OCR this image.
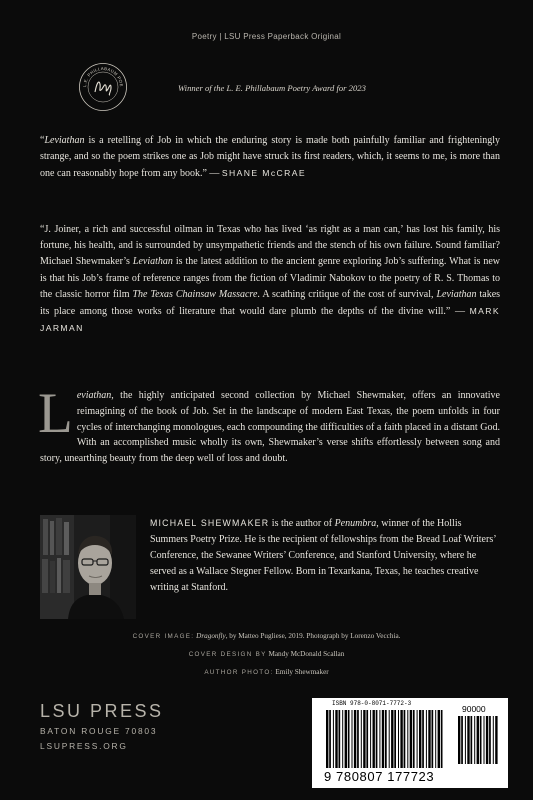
Poetry | LSU Press Paperback Original
L.E. PHILLABAUM POE	Winner of the L. E. Phillabaum Poetry Award for 2023
“Leviathan is a retelling of Job in which the enduring story is made both painfully familiar and frighteningly strange, and so the poem strikes one as Job might have struck its first readers, which, it seems to me, is more than one can reasonably hope from any book.” — SHANE McCRAE
“J. Joiner, a rich and successful oilman in Texas who has lived ‘as right as a man can,’ has lost his family, his fortune, his health, and is surrounded by unsympathetic friends and the stench of his own failure. Sound familiar? Michael Shewmaker’s Leviathan is the latest addition to the ancient genre exploring Job’s suffering. What is new is that his Job’s frame of reference ranges from the fiction of Vladimir Nabokov to the poetry of R. S. Thomas to the classic horror film The Texas Chainsaw Massacre. A scathing critique of the cost of survival, Leviathan takes its place among those works of literature that would dare plumb the depths of the divine will.” — MARK JARMAN
Leviathan, the highly anticipated second collection by Michael Shewmaker, offers an innovative reimagining of the book of Job. Set in the landscape of modern East Texas, the poem unfolds in four cycles of interchanging monologues, each compounding the difficulties of a faith placed in a distant God. With an accomplished music wholly its own, Shewmaker’s verse shifts effortlessly between song and story, unearthing beauty from the deep well of loss and doubt.
MICHAEL SHEWMAKER is the author of Penumbra, winner of the Hollis Summers Poetry Prize. He is the recipient of fellowships from the Bread Loaf Writers’ Conference, the Sewanee Writers’ Conference, and Stanford University, where he served as a Wallace Stegner Fellow. Born in Texarkana, Texas, he teaches creative writing at Stanford.
COVER IMAGE: Dragonfly, by Matteo Pugliese, 2019. Photograph by Lorenzo Vecchia.
COVER DESIGN BY Mandy McDonald Scallan
AUTHOR PHOTO: Emily Shewmaker
LSU PRESS
BATON ROUGE 70803
LSUPRESS.ORG
ISBN 978-0-8071-7772-3
90000
9 780807 177723
